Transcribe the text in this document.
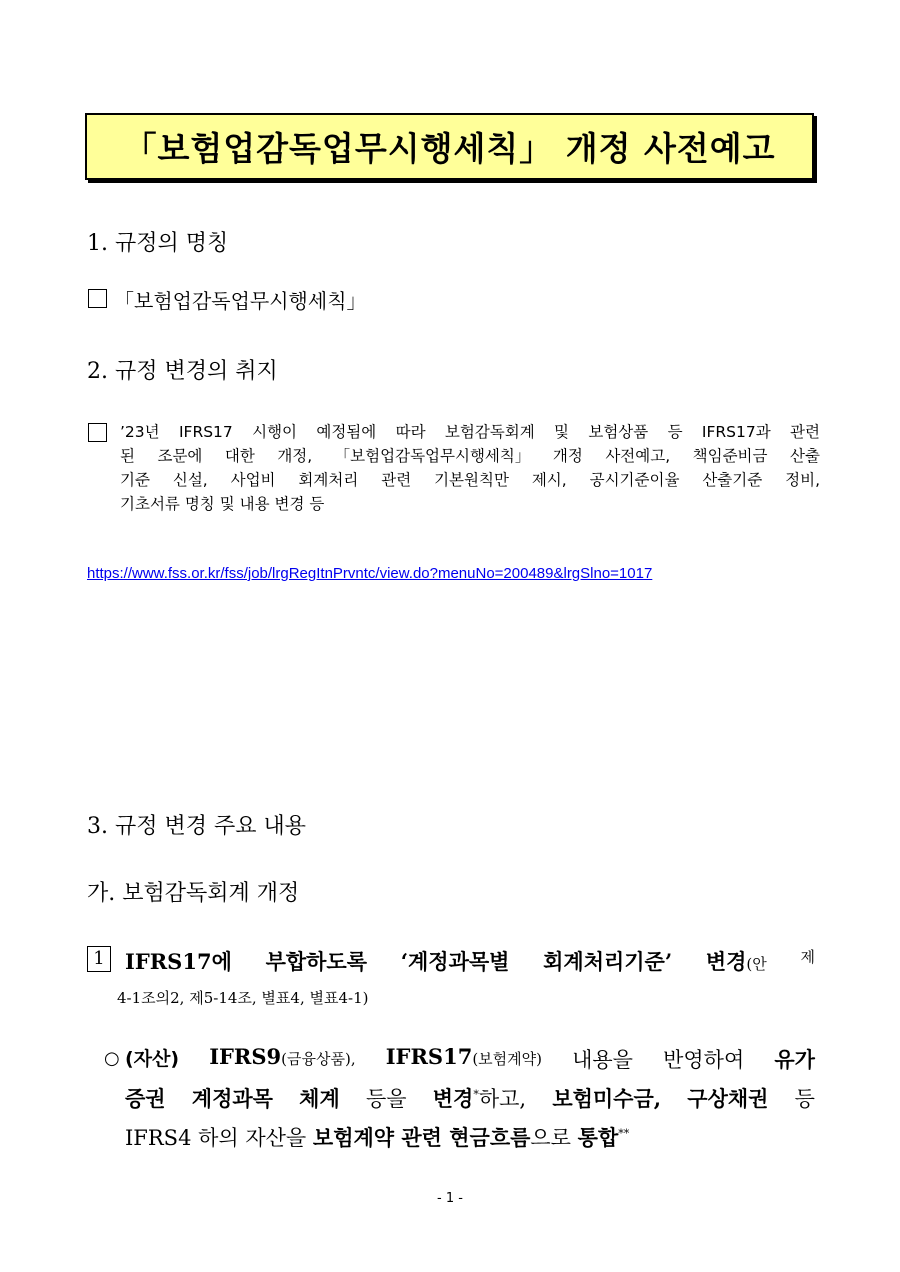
「보험업감독업무시행세칙」 개정 사전예고
1. 규정의 명칭
「보험업감독업무시행세칙」
2. 규정 변경의 취지
’23년 IFRS17 시행이 예정됨에 따라 보험감독회계 및 보험상품 등 IFRS17과 관련
된 조문에 대한 개정, 「보험업감독업무시행세칙」 개정 사전예고, 책임준비금 산출
기준 신설, 사업비 회계처리 관련 기본원칙만 제시, 공시기준이율 산출기준 정비,
기초서류 명칭 및 내용 변경 등
https://www.fss.or.kr/fss/job/lrgRegItnPrvntc/view.do?menuNo=200489&lrgSlno=1017
3. 규정 변경 주요 내용
가. 보험감독회계 개정
1 IFRS17에 부합하도록 ‘계정과목별 회계처리기준’ 변경(안 제
4-1조의2, 제5-14조, 별표4, 별표4-1)
○ (자산) IFRS9(금융상품), IFRS17(보험계약) 내용을 반영하여 유가
증권 계정과목 체계 등을 변경*하고, 보험미수금, 구상채권 등
IFRS4 하의 자산을 보험계약 관련 현금흐름으로 통합**
- 1 -
